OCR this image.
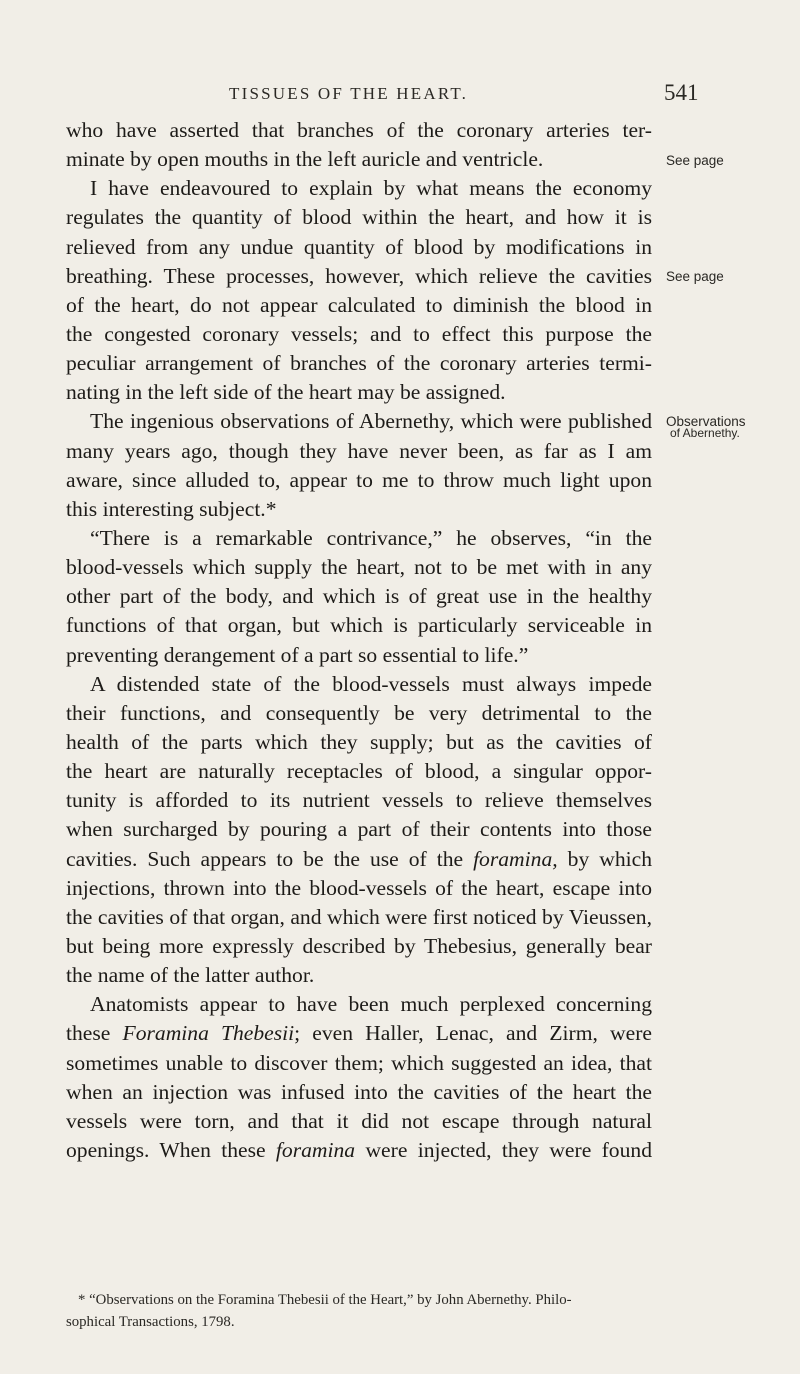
TISSUES OF THE HEART.	541
who have asserted that branches of the coronary arteries ter-
minate by open mouths in the left auricle and ventricle.
I have endeavoured to explain by what means the economy
regulates the quantity of blood within the heart, and how it is
relieved from any undue quantity of blood by modifications in
breathing. These processes, however, which relieve the cavities
of the heart, do not appear calculated to diminish the blood in
the congested coronary vessels; and to effect this purpose the
peculiar arrangement of branches of the coronary arteries termi-
nating in the left side of the heart may be assigned.
The ingenious observations of Abernethy, which were published
many years ago, though they have never been, as far as I am
aware, since alluded to, appear to me to throw much light upon
this interesting subject.*
“There is a remarkable contrivance,” he observes, “in the
blood-vessels which supply the heart, not to be met with in any
other part of the body, and which is of great use in the healthy
functions of that organ, but which is particularly serviceable in
preventing derangement of a part so essential to life.”
A distended state of the blood-vessels must always impede
their functions, and consequently be very detrimental to the
health of the parts which they supply; but as the cavities of
the heart are naturally receptacles of blood, a singular oppor-
tunity is afforded to its nutrient vessels to relieve themselves
when surcharged by pouring a part of their contents into those
cavities. Such appears to be the use of the foramina, by which
injections, thrown into the blood-vessels of the heart, escape into
the cavities of that organ, and which were first noticed by Vieussen,
but being more expressly described by Thebesius, generally bear
the name of the latter author.
Anatomists appear to have been much perplexed concerning
these Foramina Thebesii; even Haller, Lenac, and Zirm, were
sometimes unable to discover them; which suggested an idea, that
when an injection was infused into the cavities of the heart the
vessels were torn, and that it did not escape through natural
openings. When these foramina were injected, they were found
See page
See page
Observations
of Abernethy.
* “Observations on the Foramina Thebesii of the Heart,” by John Abernethy. Philo-
sophical Transactions, 1798.
